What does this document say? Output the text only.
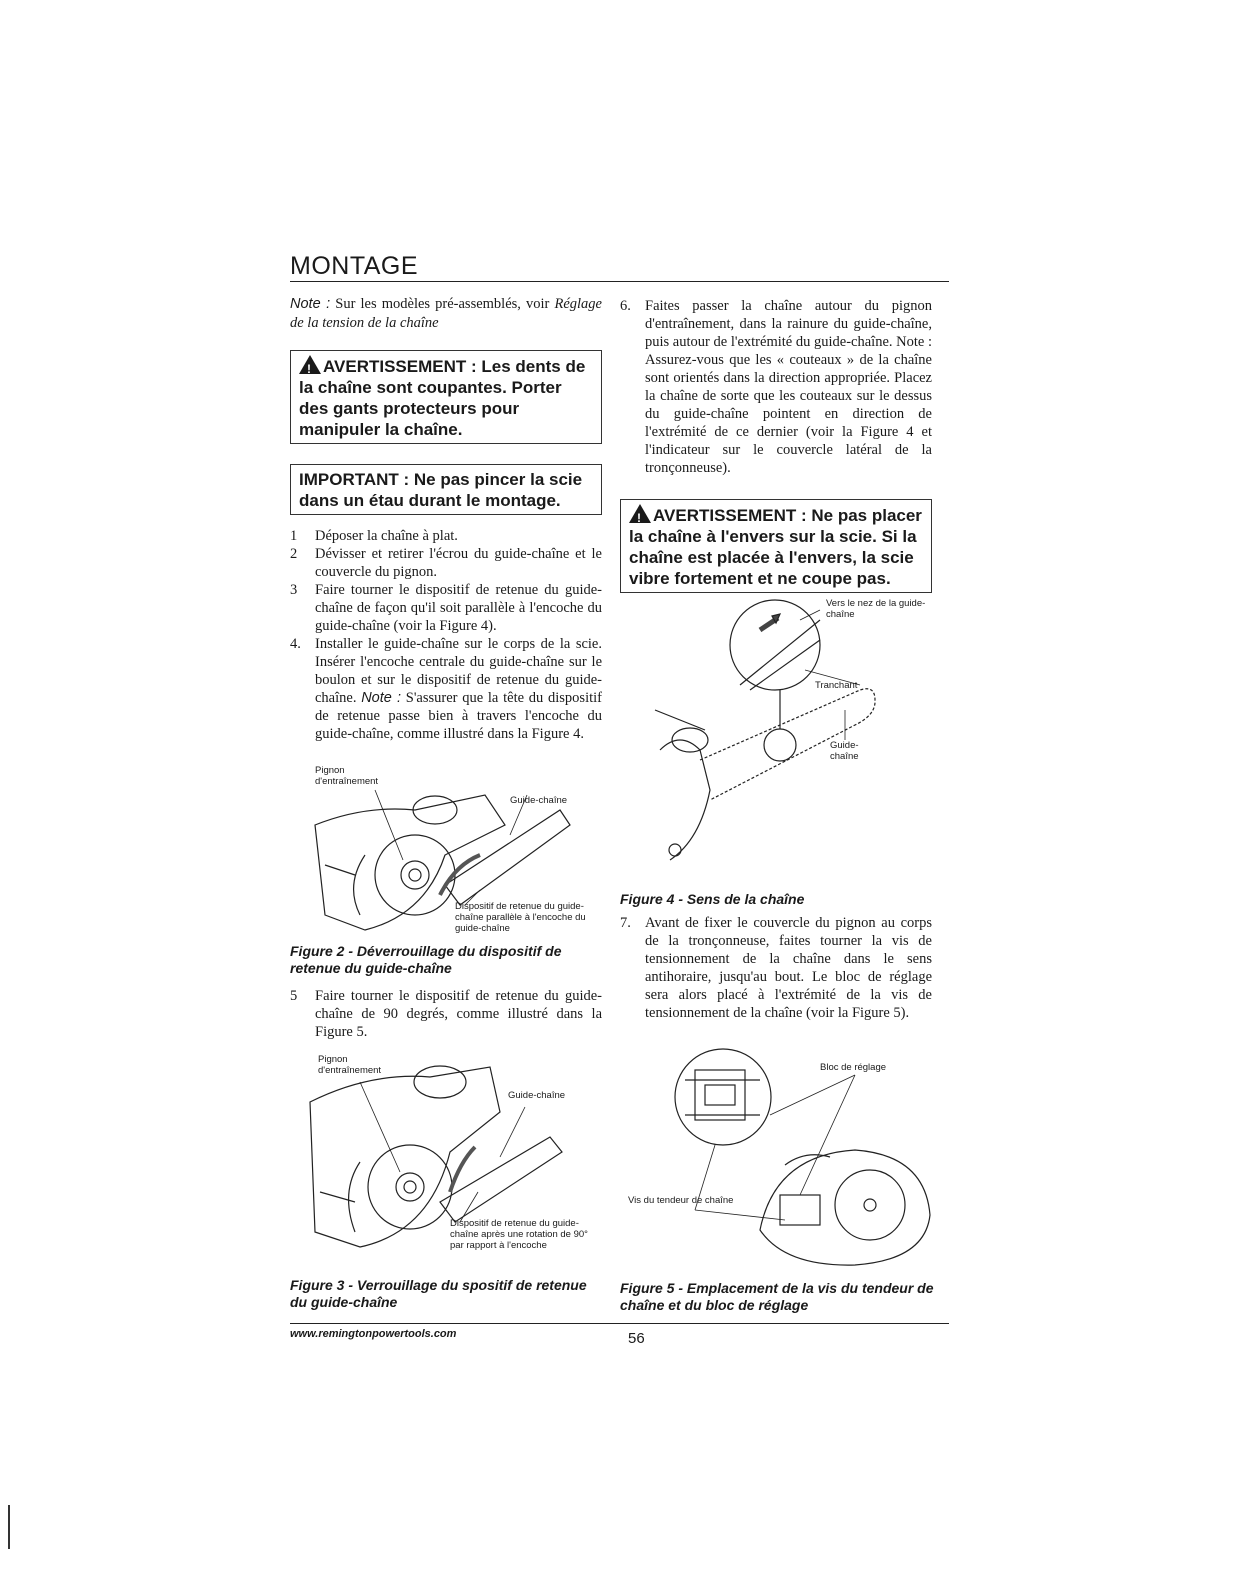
MONTAGE

Note : Sur les modèles pré-assemblés, voir Réglage de la tension de la chaîne

!AVERTISSEMENT : Les dents de la chaîne sont coupantes. Porter des gants protecteurs pour manipuler la chaîne.
IMPORTANT : Ne pas pincer la scie dans un étau durant le montage.
1	Déposer la chaîne à plat.
2	Dévisser et retirer l'écrou du guide-chaîne et le couvercle du pignon.
3	Faire tourner le dispositif de retenue du guide-chaîne de façon qu'il soit parallèle à l'encoche du guide-chaîne (voir la Figure 4).
4. Installer le guide-chaîne sur le corps de la scie. Insérer l'encoche centrale du guide-chaîne sur le boulon et sur le dispositif de retenue du guide-chaîne. Note : S'assurer que la tête du dispositif de retenue passe bien à travers l'encoche du guide-chaîne, comme illustré dans la Figure 4.
Pignon d'entraînement
Guide-chaîne
Dispositif de retenue du guide-chaîne parallèle à l'encoche du guide-chaîne
Figure 2 - Déverrouillage du dispositif de retenue du guide-chaîne
5	Faire tourner le dispositif de retenue du guide-chaîne de 90 degrés, comme illustré dans la Figure 5.
Pignon d'entraînement
Guide-chaîne
Dispositif de retenue du guide-chaîne après une rotation de 90° par rapport à l'encoche
Figure 3 - Verrouillage du spositif de retenue du guide-chaîne
6. Faites passer la chaîne autour du pignon d'entraînement, dans la rainure du guide-chaîne, puis autour de l'extrémité du guide-chaîne. Note : Assurez-vous que les « couteaux » de la chaîne sont orientés dans la direction appropriée. Placez la chaîne de sorte que les couteaux sur le dessus du guide-chaîne pointent en direction de l'extrémité de ce dernier (voir la Figure 4 et l'indicateur sur le couvercle latéral de la tronçonneuse).
!AVERTISSEMENT : Ne pas placer la chaîne à l'envers sur la scie. Si la chaîne est placée à l'envers, la scie vibre fortement et ne coupe pas.
Vers le nez de la guide-chaîne
Tranchant
Guide-chaîne
Figure 4 - Sens de la chaîne
7. Avant de fixer le couvercle du pignon au corps de la tronçonneuse, faites tourner la vis de tensionnement de la chaîne dans le sens antihoraire, jusqu'au bout. Le bloc de réglage sera alors placé à l'extrémité de la vis de tensionnement de la chaîne (voir la Figure 5).
Bloc de réglage
Vis du tendeur de chaîne
Figure 5 - Emplacement de la vis du tendeur de chaîne et du bloc de réglage
www.remingtonpowertools.com	56
